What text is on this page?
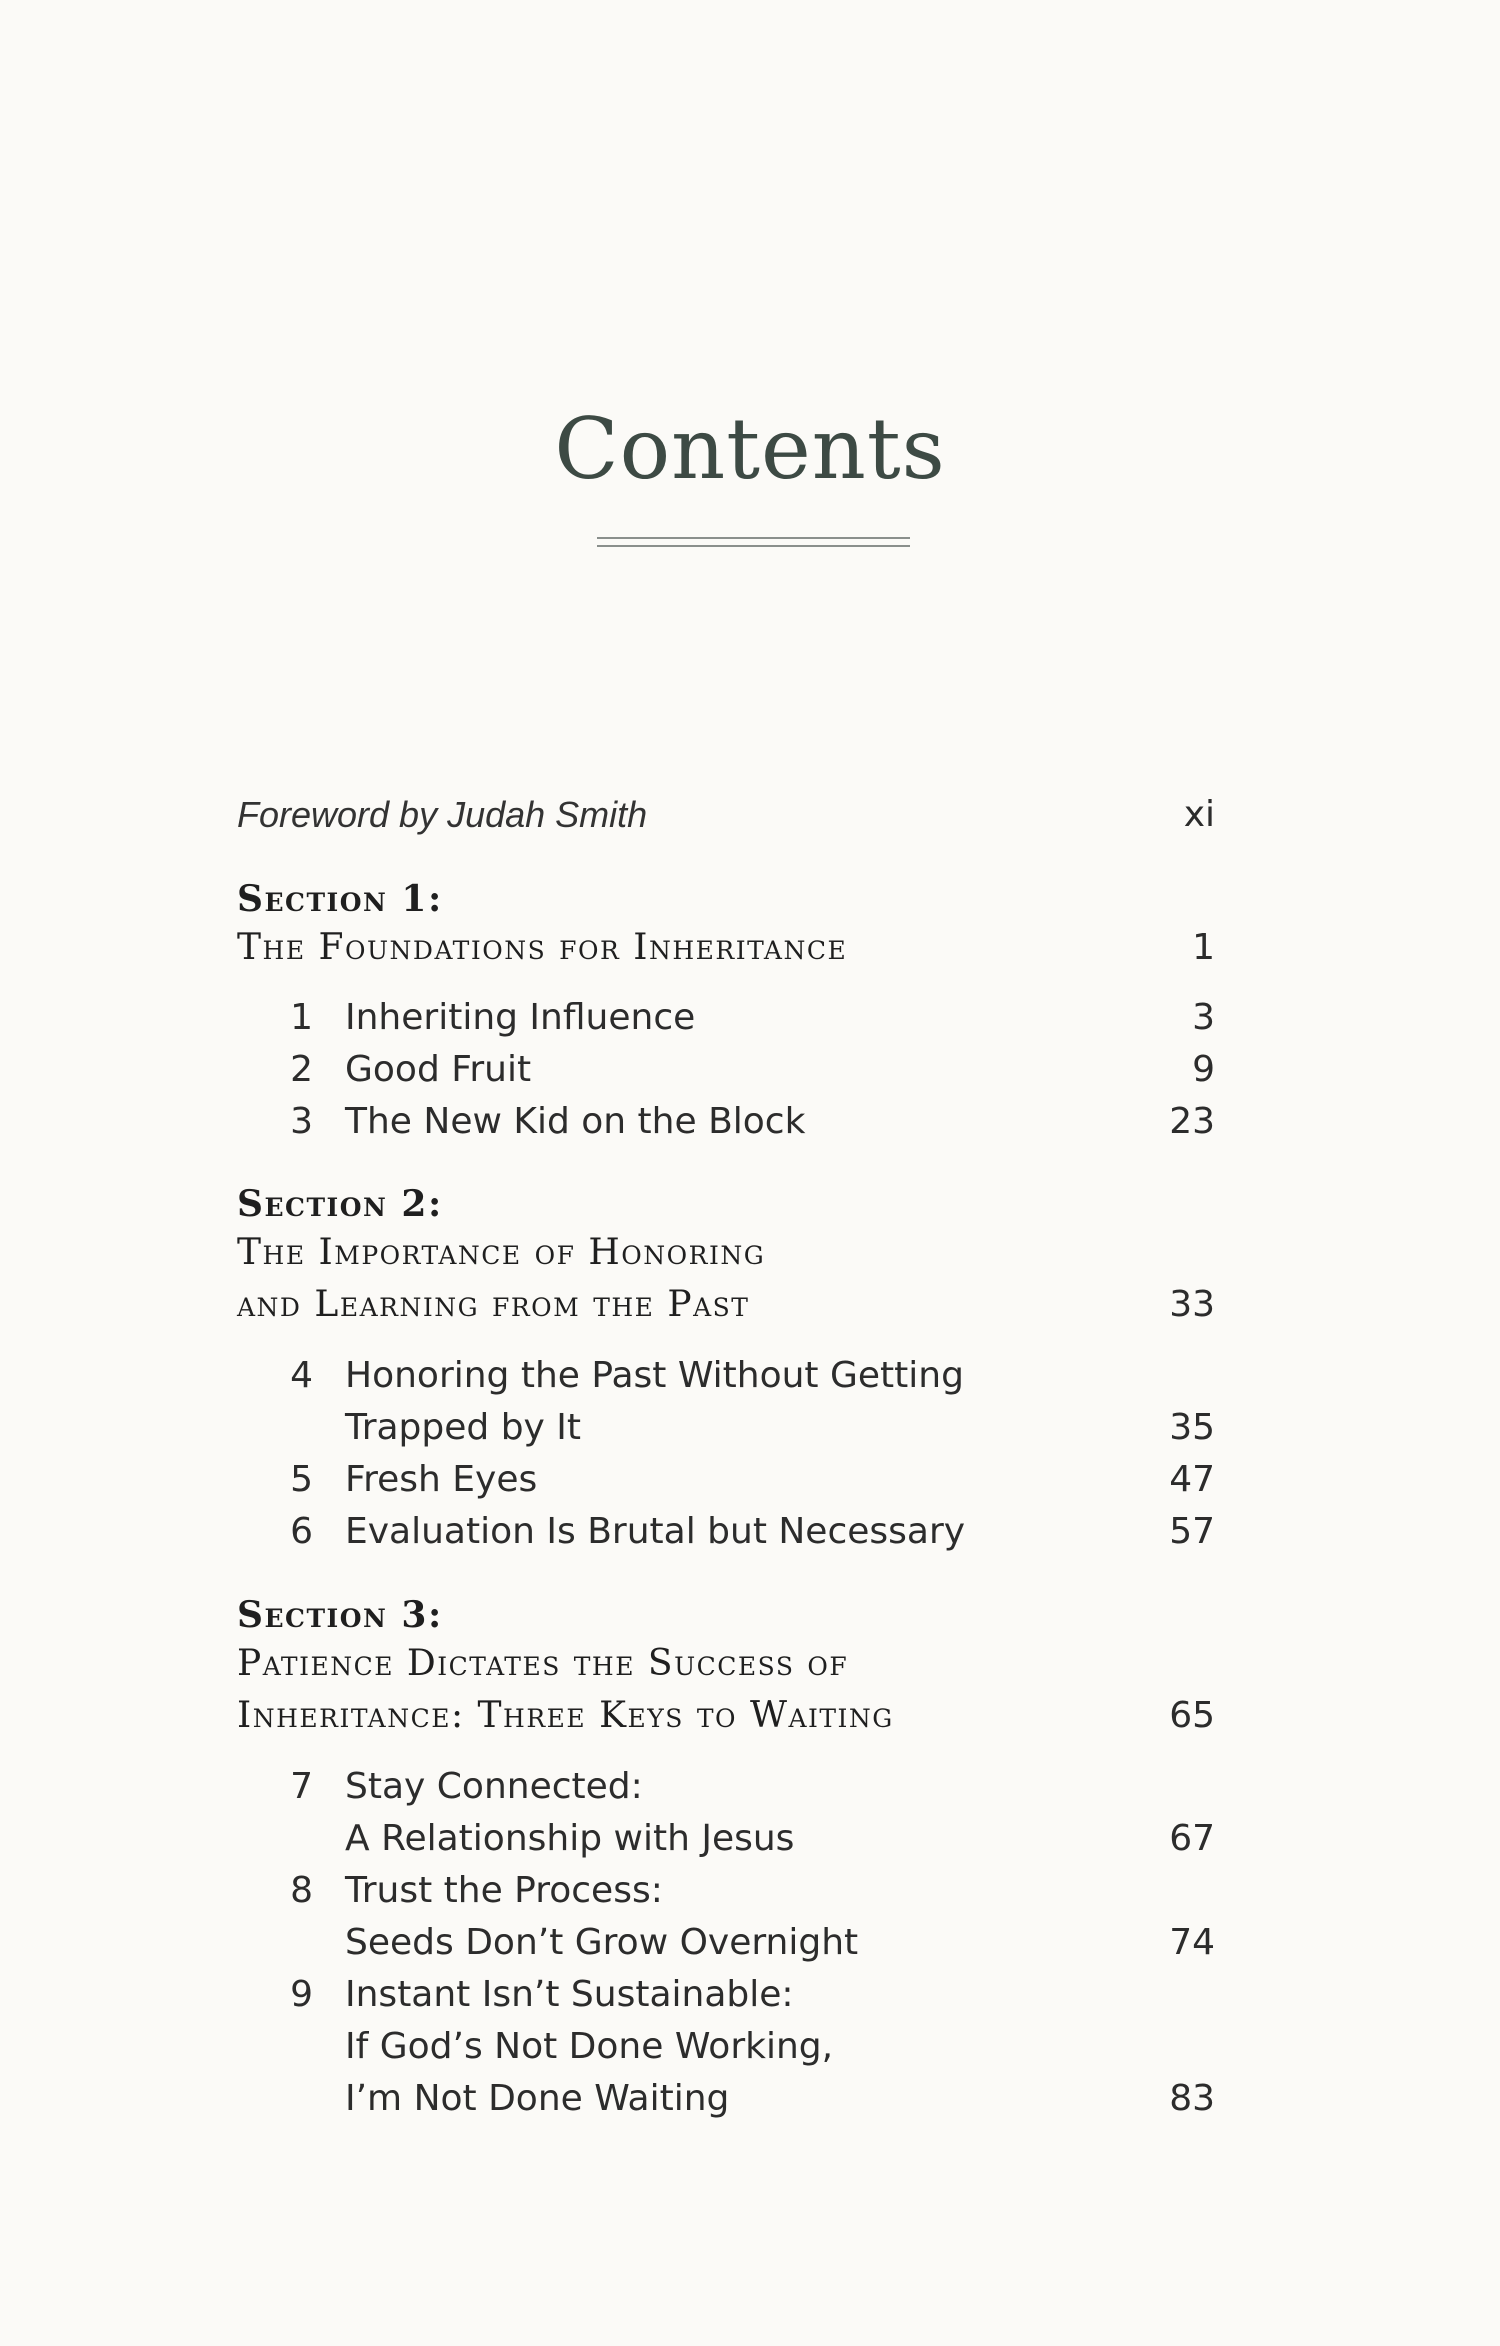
Contents
Foreword by Judah Smith	xi
Section 1:
The Foundations for Inheritance	1
1 Inheriting Influence	3
2 Good Fruit	9
3 The New Kid on the Block	23
Section 2:
The Importance of Honoring
and Learning from the Past	33
4 Honoring the Past Without Getting
Trapped by It	35
5 Fresh Eyes	47
6 Evaluation Is Brutal but Necessary	57
Section 3:
Patience Dictates the Success of
Inheritance: Three Keys to Waiting	65
7 Stay Connected:
A Relationship with Jesus	67
8 Trust the Process:
Seeds Don’t Grow Overnight	74
9 Instant Isn’t Sustainable:
If God’s Not Done Working,
I’m Not Done Waiting	83
